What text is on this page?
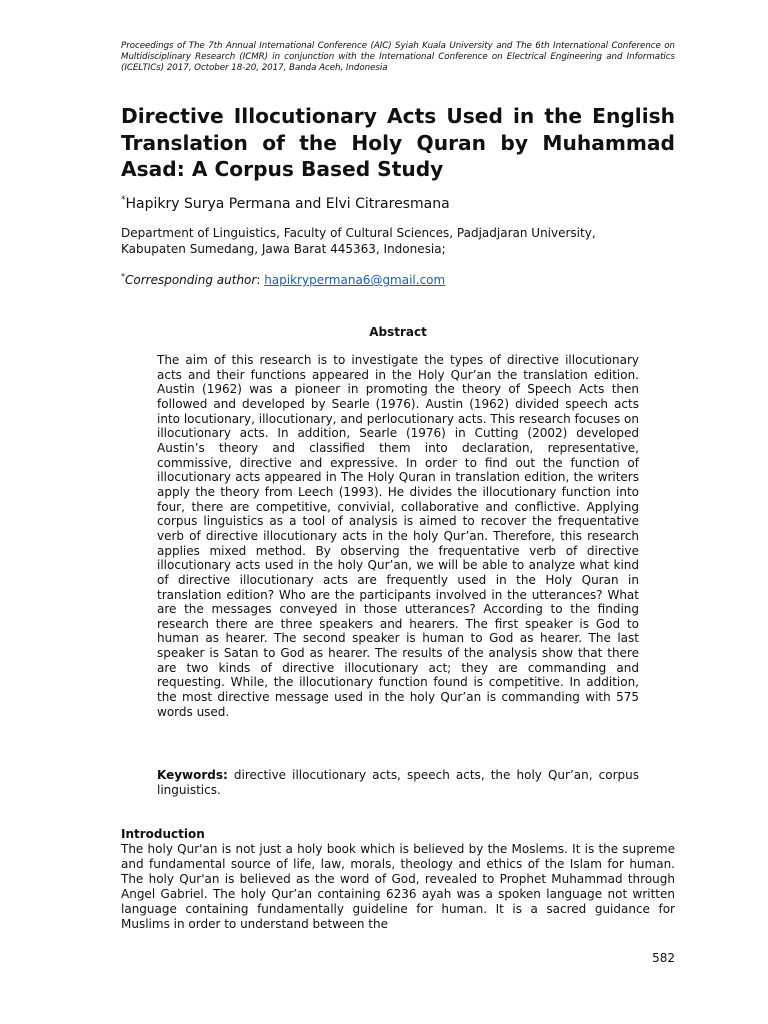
Proceedings of The 7th Annual International Conference (AIC) Syiah Kuala University and The 6th International Conference on Multidisciplinary Research (ICMR) in conjunction with the International Conference on Electrical Engineering and Informatics (ICELTICs) 2017, October 18-20, 2017, Banda Aceh, Indonesia
Directive Illocutionary Acts Used in the English Translation of the Holy Quran by Muhammad Asad: A Corpus Based Study
*Hapikry Surya Permana and Elvi Citraresmana
Department of Linguistics, Faculty of Cultural Sciences, Padjadjaran University, Kabupaten Sumedang, Jawa Barat 445363, Indonesia;
*Corresponding author: hapikrypermana6@gmail.com
Abstract

The aim of this research is to investigate the types of directive illocutionary acts and their functions appeared in the Holy Qur’an the translation edition. Austin (1962) was a pioneer in promoting the theory of Speech Acts then followed and developed by Searle (1976). Austin (1962) divided speech acts into locutionary, illocutionary, and perlocutionary acts. This research focuses on illocutionary acts. In addition, Searle (1976) in Cutting (2002) developed Austin’s theory and classified them into declaration, representative, commissive, directive and expressive. In order to find out the function of illocutionary acts appeared in The Holy Quran in translation edition, the writers apply the theory from Leech (1993). He divides the illocutionary function into four, there are competitive, convivial, collaborative and conflictive. Applying corpus linguistics as a tool of analysis is aimed to recover the frequentative verb of directive illocutionary acts in the holy Qur’an. Therefore, this research applies mixed method. By observing the frequentative verb of directive illocutionary acts used in the holy Qur’an, we will be able to analyze what kind of directive illocutionary acts are frequently used in the Holy Quran in translation edition? Who are the participants involved in the utterances? What are the messages conveyed in those utterances? According to the finding research there are three speakers and hearers. The first speaker is God to human as hearer. The second speaker is human to God as hearer. The last speaker is Satan to God as hearer. The results of the analysis show that there are two kinds of directive illocutionary act; they are commanding and requesting. While, the illocutionary function found is competitive. In addition, the most directive message used in the holy Qur’an is commanding with 575 words used.

Keywords: directive illocutionary acts, speech acts, the holy Qur’an, corpus linguistics.

Introduction

The holy Qur'an is not just a holy book which is believed by the Moslems. It is the supreme and fundamental source of life, law, morals, theology and ethics of the Islam for human. The holy Qur'an is believed as the word of God, revealed to Prophet Muhammad through Angel Gabriel. The holy Qur’an containing 6236 ayah was a spoken language not written language containing fundamentally guideline for human. It is a sacred guidance for Muslims in order to understand between the

582
